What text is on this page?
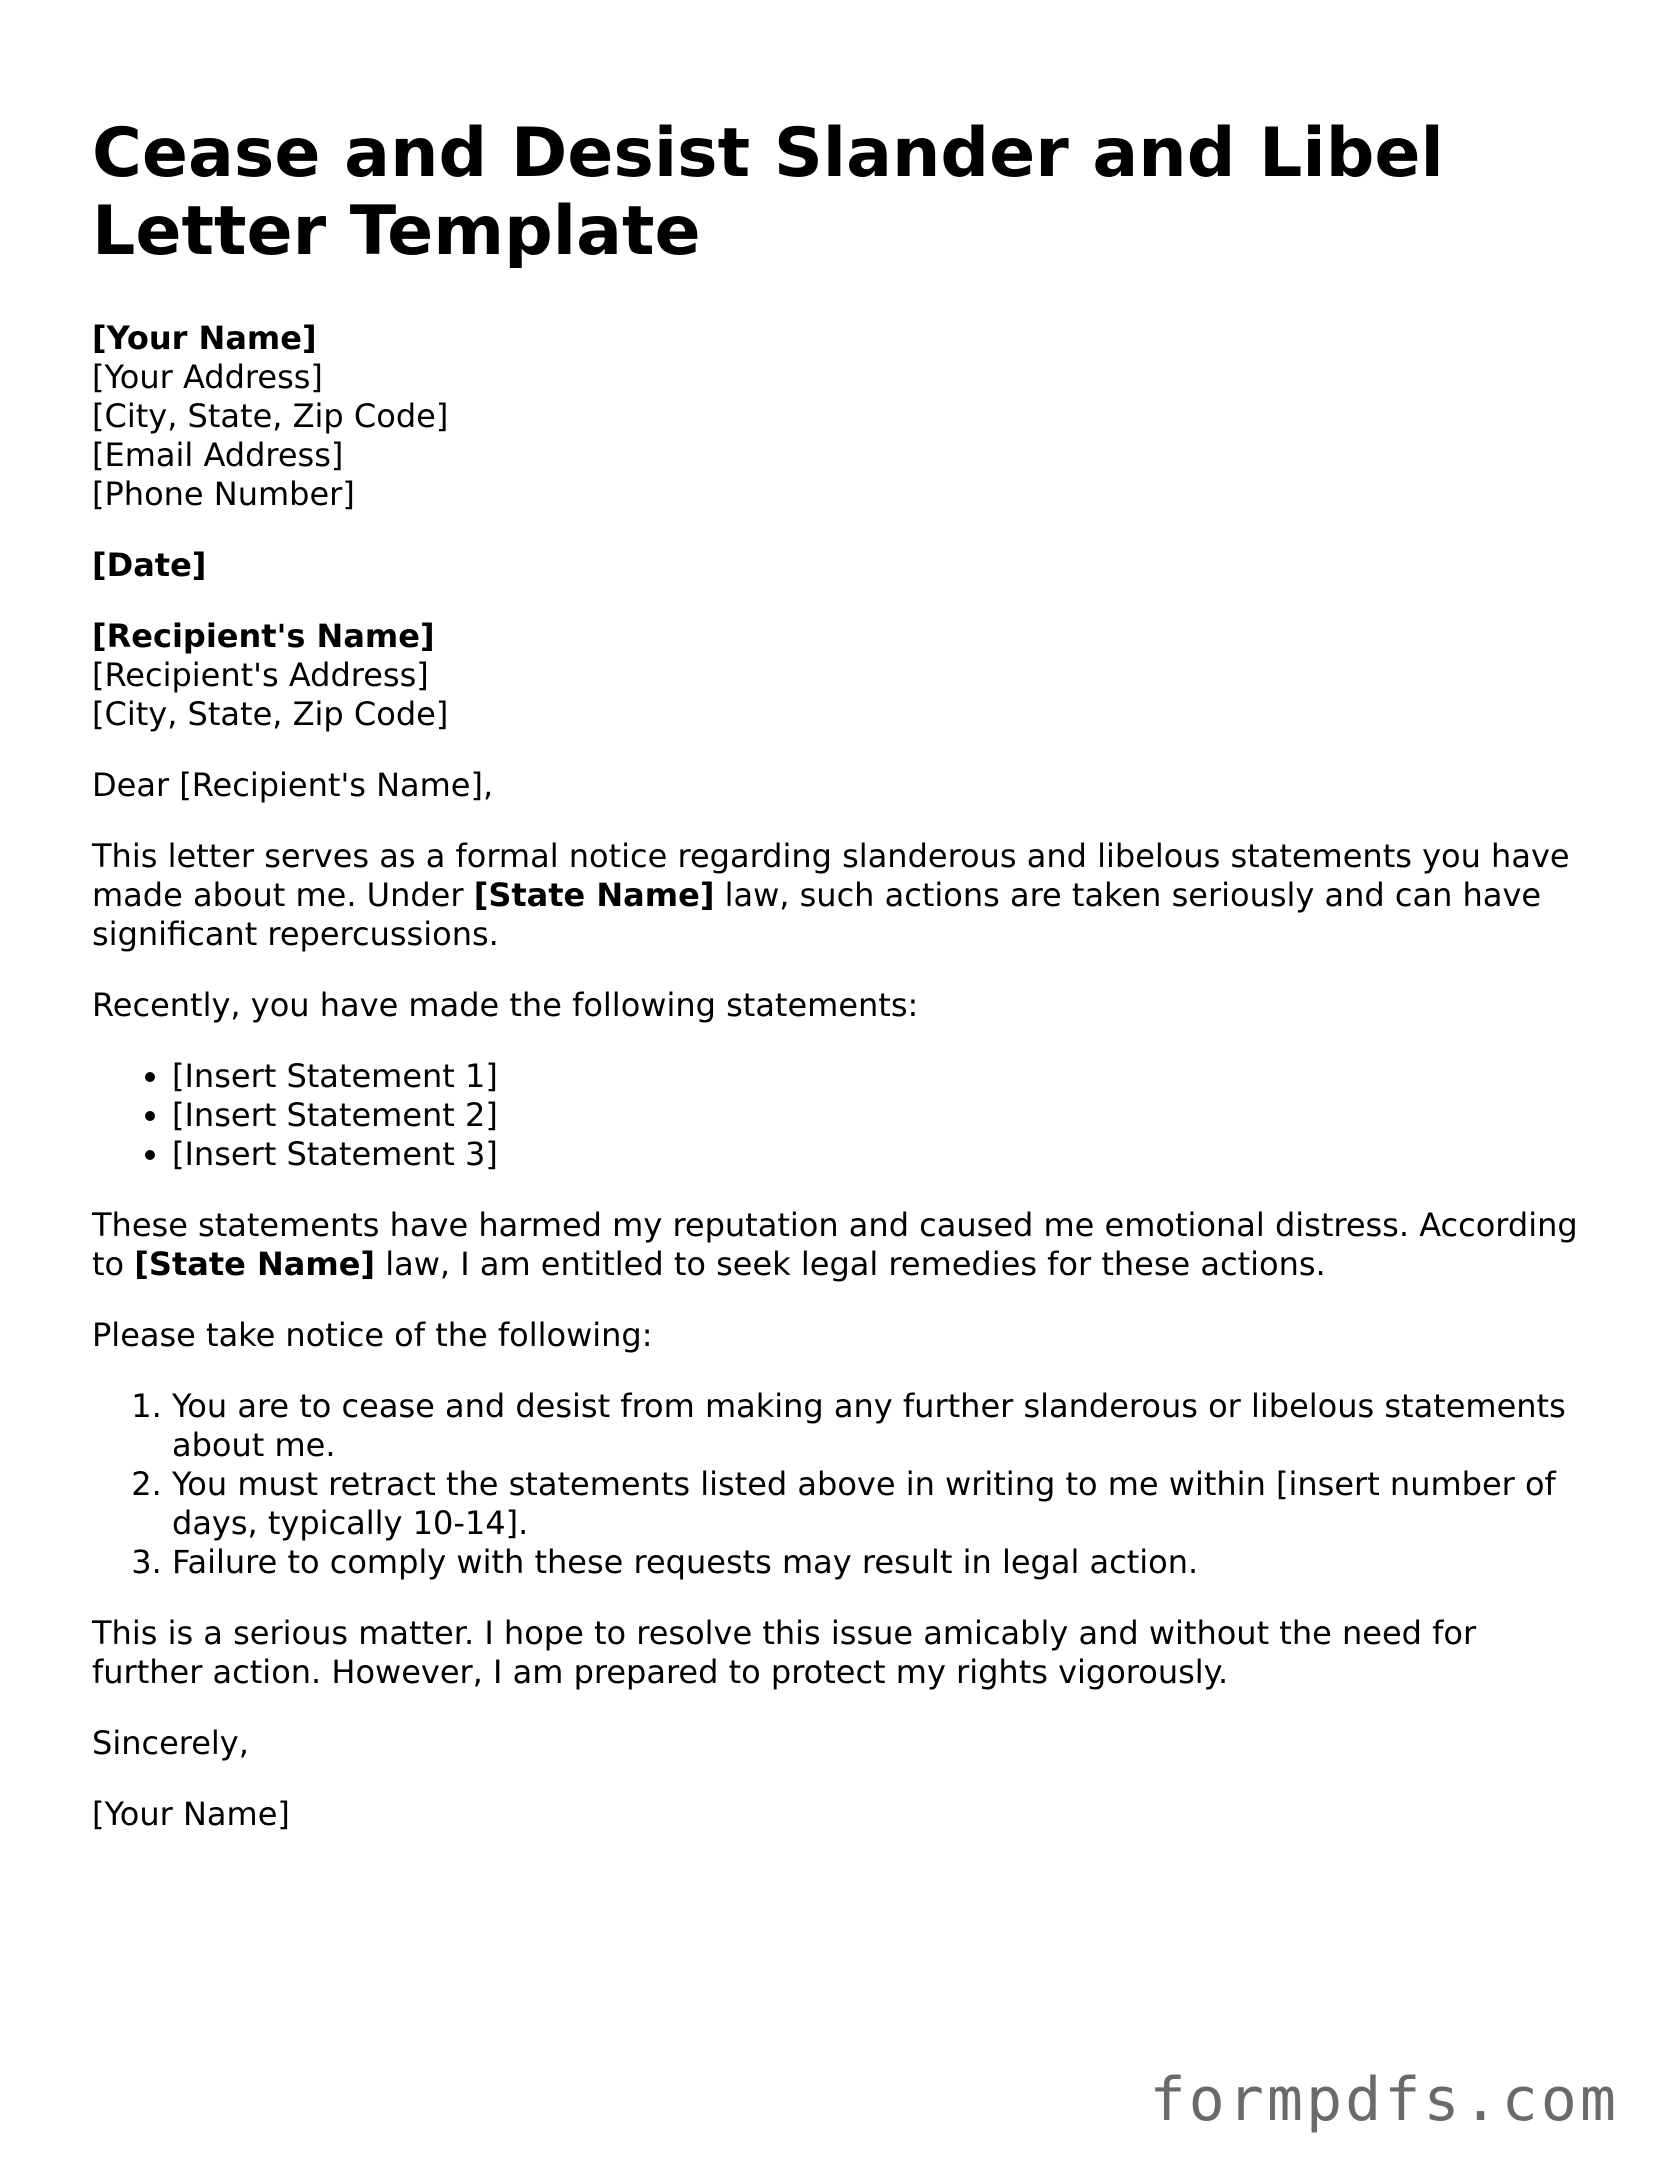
Cease and Desist Slander and Libel Letter Template
[Your Name]
[Your Address]
[City, State, Zip Code]
[Email Address]
[Phone Number]
[Date]
[Recipient's Name]
[Recipient's Address]
[City, State, Zip Code]

Dear [Recipient's Name],

This letter serves as a formal notice regarding slanderous and libelous statements you have made about me. Under [State Name] law, such actions are taken seriously and can have significant repercussions.

Recently, you have made the following statements:

• [Insert Statement 1]
• [Insert Statement 2]
• [Insert Statement 3]

These statements have harmed my reputation and caused me emotional distress. According to [State Name] law, I am entitled to seek legal remedies for these actions.

Please take notice of the following:

1. You are to cease and desist from making any further slanderous or libelous statements about me.
2. You must retract the statements listed above in writing to me within [insert number of days, typically 10-14].
3. Failure to comply with these requests may result in legal action.

This is a serious matter. I hope to resolve this issue amicably and without the need for further action. However, I am prepared to protect my rights vigorously.

Sincerely,

[Your Name]

formpdfs.com
